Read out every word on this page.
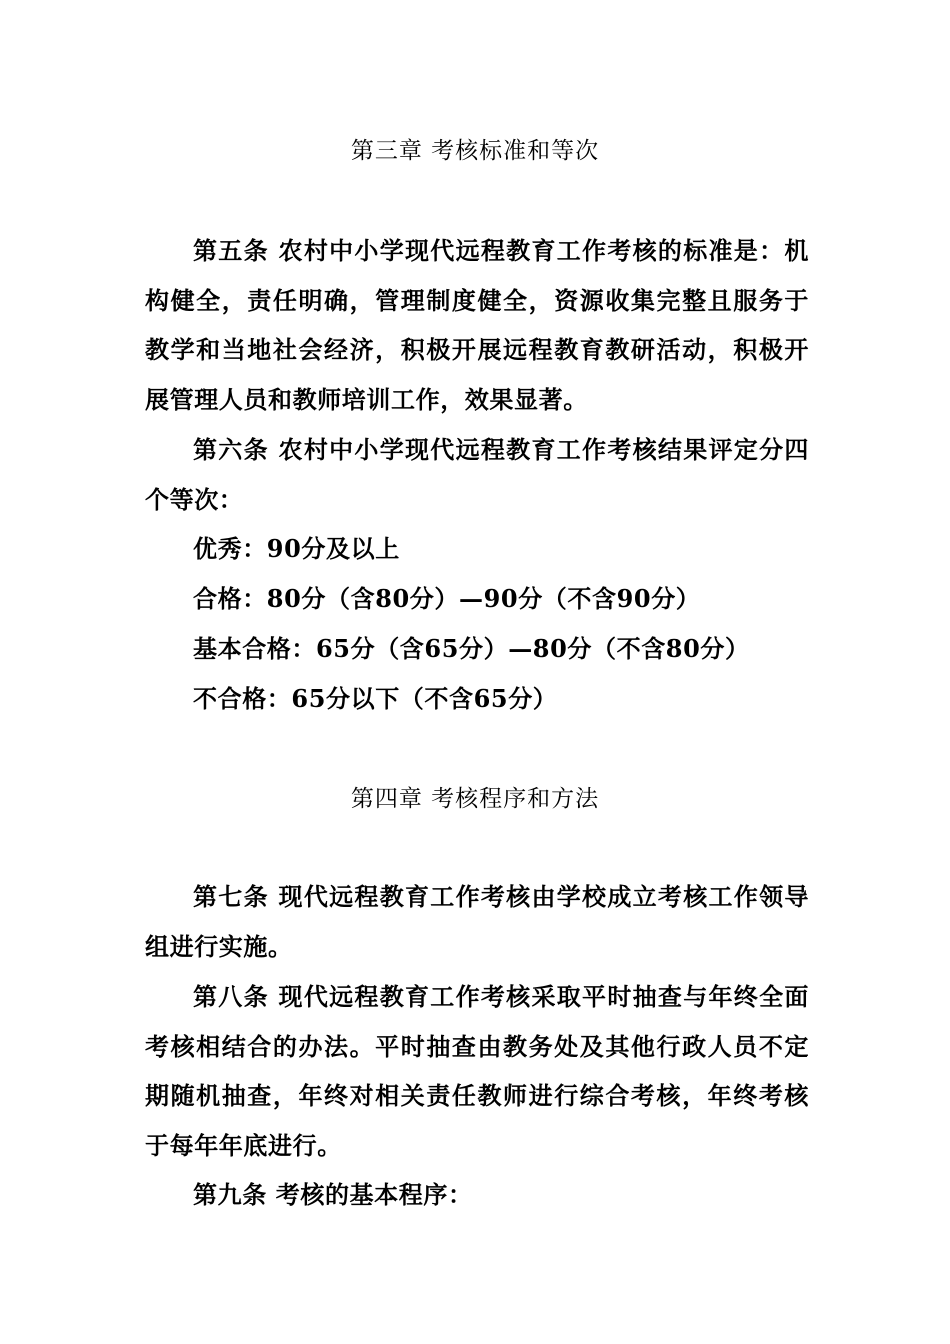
第三章 考核标准和等次

第五条 农村中小学现代远程教育工作考核的标准是：机构健全，责任明确，管理制度健全，资源收集完整且服务于教学和当地社会经济，积极开展远程教育教研活动，积极开展管理人员和教师培训工作，效果显著。

第六条 农村中小学现代远程教育工作考核结果评定分四个等次：

优秀：90分及以上

合格：80分（含80分）—90分（不含90分）

基本合格：65分（含65分）—80分（不含80分）

不合格：65分以下（不含65分）

第四章 考核程序和方法

第七条 现代远程教育工作考核由学校成立考核工作领导组进行实施。

第八条 现代远程教育工作考核采取平时抽查与年终全面考核相结合的办法。平时抽查由教务处及其他行政人员不定期随机抽查，年终对相关责任教师进行综合考核，年终考核于每年年底进行。

第九条 考核的基本程序：
